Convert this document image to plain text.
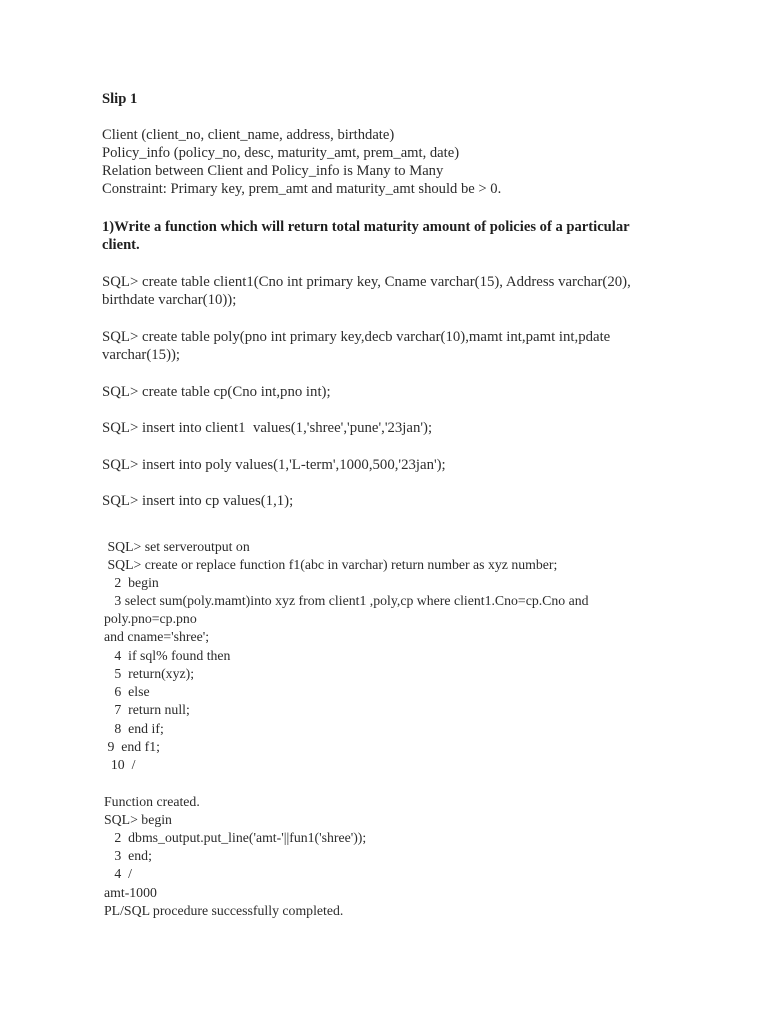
Slip 1
Client (client_no, client_name, address, birthdate)
Policy_info (policy_no, desc, maturity_amt, prem_amt, date)
Relation between Client and Policy_info is Many to Many
Constraint: Primary key, prem_amt and maturity_amt should be > 0.
1)Write a function which will return total maturity amount of policies of a particular
client.
SQL> create table client1(Cno int primary key, Cname varchar(15), Address varchar(20),
birthdate varchar(10));
SQL> create table poly(pno int primary key,decb varchar(10),mamt int,pamt int,pdate
varchar(15));
SQL> create table cp(Cno int,pno int);
SQL> insert into client1  values(1,'shree','pune','23jan');
SQL> insert into poly values(1,'L-term',1000,500,'23jan');
SQL> insert into cp values(1,1);
SQL> set serveroutput on
SQL> create or replace function f1(abc in varchar) return number as xyz number;
2  begin
3 select sum(poly.mamt)into xyz from client1 ,poly,cp where client1.Cno=cp.Cno and
poly.pno=cp.pno
and cname='shree';
4  if sql% found then
5  return(xyz);
6  else
7  return null;
8  end if;
9  end f1;
10  /
Function created.
SQL> begin
2  dbms_output.put_line('amt-'||fun1('shree'));
3  end;
4  /
amt-1000
PL/SQL procedure successfully completed.
